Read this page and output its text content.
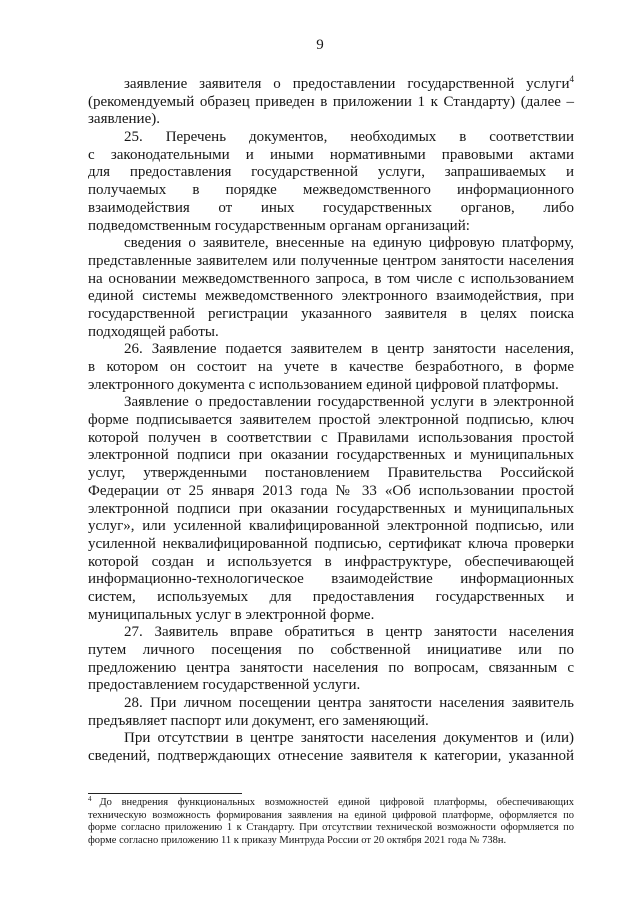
9
заявление заявителя о предоставлении государственной услуги$^4$
(рекомендуемый образец приведен в приложении 1 к Стандарту) (далее –
заявление).
25. Перечень документов, необходимых в соответствии
с законодательными и иными нормативными правовыми актами
для предоставления государственной услуги, запрашиваемых и
получаемых в порядке межведомственного информационного
взаимодействия от иных государственных органов, либо
подведомственным государственным органам организаций:
сведения о заявителе, внесенные на единую цифровую платформу,
представленные заявителем или полученные центром занятости населения
на основании межведомственного запроса, в том числе с использованием
единой системы межведомственного электронного взаимодействия, при
государственной регистрации указанного заявителя в целях поиска
подходящей работы.
26. Заявление подается заявителем в центр занятости населения,
в котором он состоит на учете в качестве безработного, в форме
электронного документа с использованием единой цифровой платформы.
Заявление о предоставлении государственной услуги в электронной
форме подписывается заявителем простой электронной подписью, ключ
которой получен в соответствии с Правилами использования простой
электронной подписи при оказании государственных и муниципальных
услуг, утвержденными постановлением Правительства Российской
Федерации от 25 января 2013 года № 33 «Об использовании простой
электронной подписи при оказании государственных и муниципальных
услуг», или усиленной квалифицированной электронной подписью, или
усиленной неквалифицированной подписью, сертификат ключа проверки
которой создан и используется в инфраструктуре, обеспечивающей
информационно-технологическое взаимодействие информационных
систем, используемых для предоставления государственных и
муниципальных услуг в электронной форме.
27. Заявитель вправе обратиться в центр занятости населения
путем личного посещения по собственной инициативе или по
предложению центра занятости населения по вопросам, связанным с
предоставлением государственной услуги.
28. При личном посещении центра занятости населения заявитель
предъявляет паспорт или документ, его заменяющий.
При отсутствии в центре занятости населения документов и (или)
сведений, подтверждающих отнесение заявителя к категории, указанной
$^4$ До внедрения функциональных возможностей единой цифровой платформы, обеспечивающих
техническую возможность формирования заявления на единой цифровой платформе, оформляется по
форме согласно приложению 1 к Стандарту. При отсутствии технической возможности оформляется по
форме согласно приложению 11 к приказу Минтруда России от 20 октября 2021 года № 738н.
